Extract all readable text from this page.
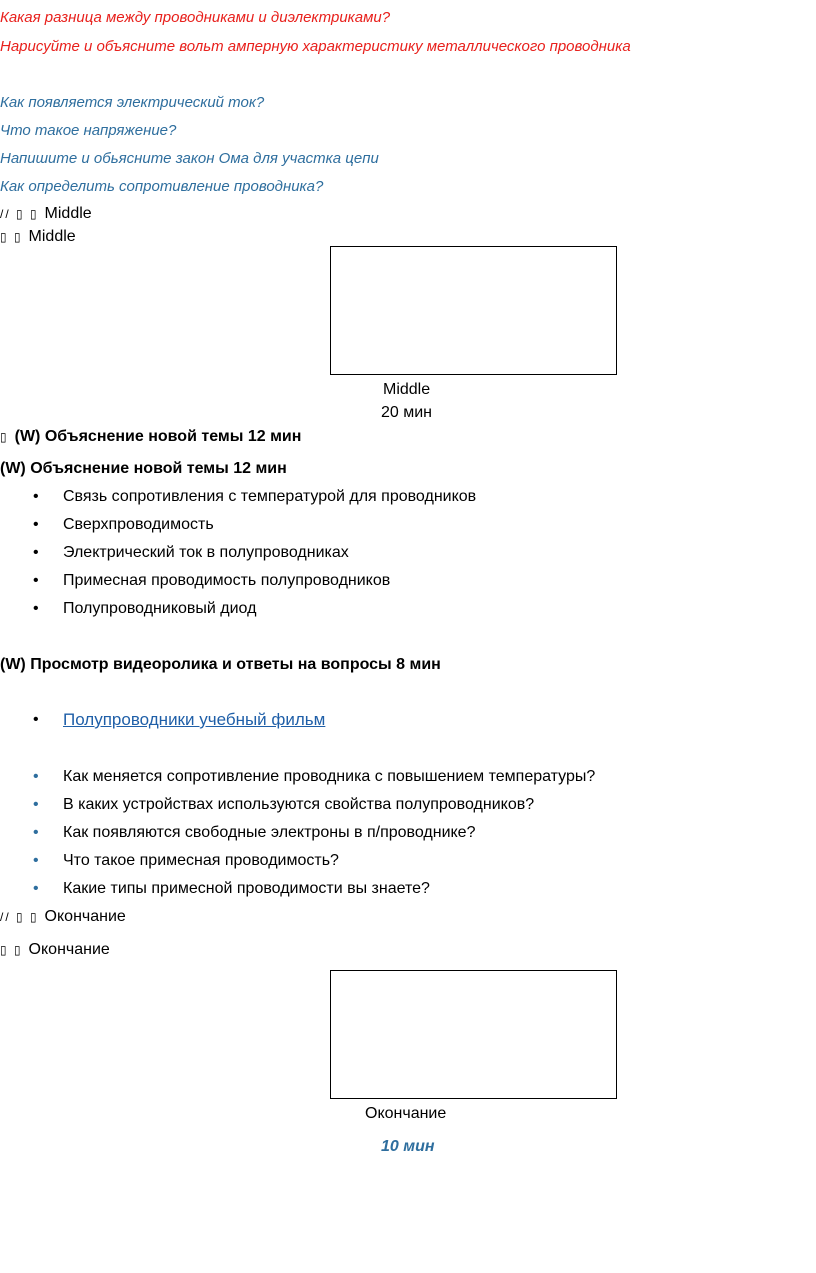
Какая разница между проводниками и диэлектриками?
Нарисуйте и объясните вольт амперную характеристику металлического проводника
Как появляется электрический ток?
Что такое напряжение?
Напишите и обьясните закон Ома для участка цепи
Как определить сопротивление проводника?
// ▯ ▯ Middle
▯ ▯ Middle
Middle
20 мин
▯ (W) Объяснение новой темы 12 мин
(W) Объяснение новой темы 12 мин
• Связь сопротивления с температурой для проводников
• Сверхпроводимость
• Электрический ток в полупроводниках
• Примесная проводимость полупроводников
• Полупроводниковый диод
(W) Просмотр видеоролика и ответы на вопросы 8 мин
• Полупроводники учебный фильм
• Как меняется сопротивление проводника с повышением температуры?
• В каких устройствах используются свойства полупроводников?
• Как появляются свободные электроны в п/проводнике?
• Что такое примесная проводимость?
• Какие типы примесной проводимости вы знаете?
// ▯ ▯ Окончание
▯ ▯ Окончание
Окончание
10 мин
